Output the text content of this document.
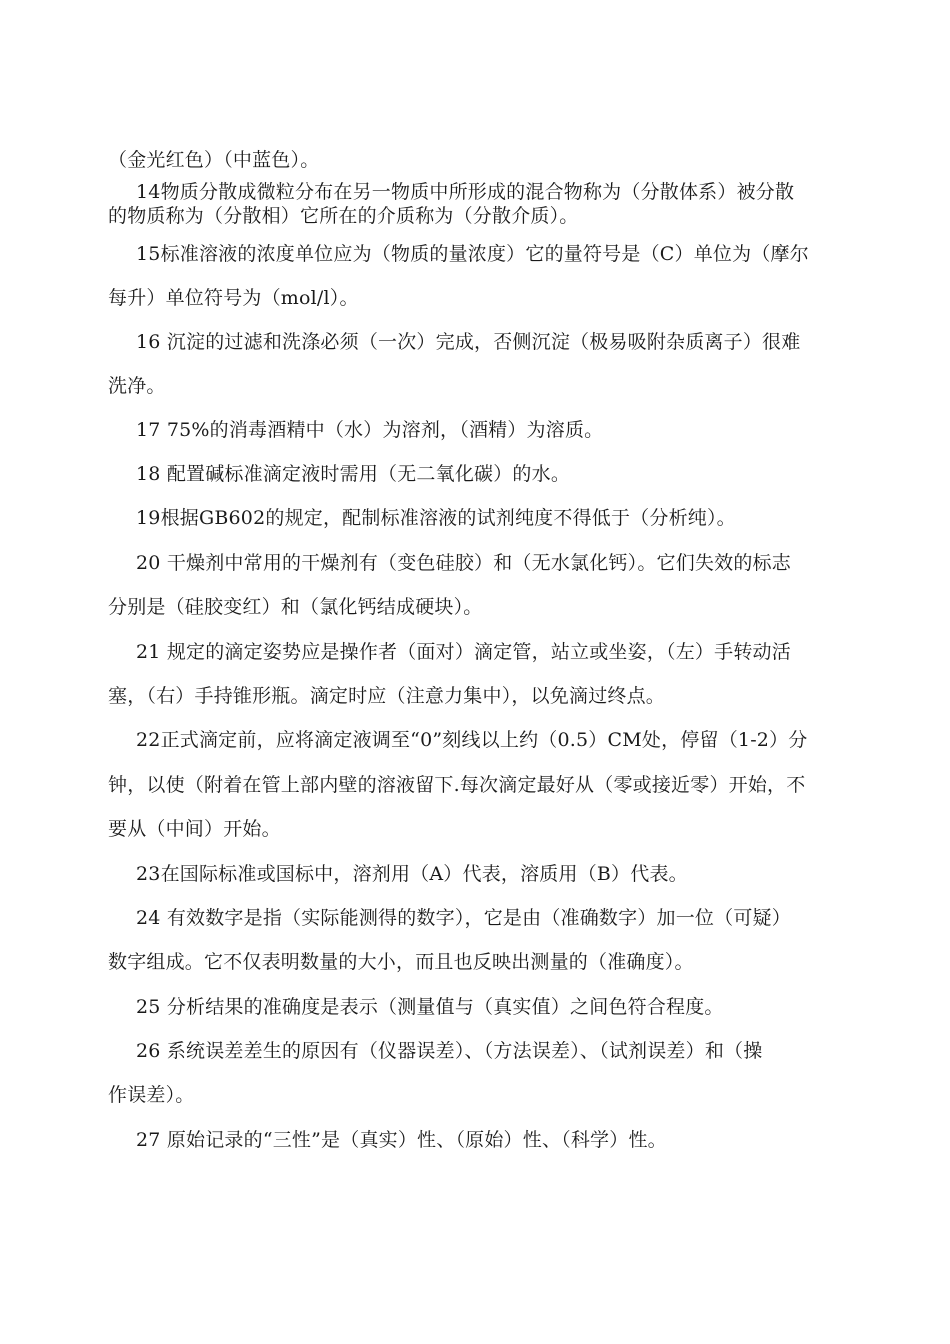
（金光红色）（中蓝色）。
14物质分散成微粒分布在另一物质中所形成的混合物称为（分散体系）被分散
的物质称为（分散相）它所在的介质称为（分散介质）。
15标准溶液的浓度单位应为（物质的量浓度）它的量符号是（C）单位为（摩尔
每升）单位符号为（mol/l）。
16 沉淀的过滤和洗涤必须（一次）完成，否侧沉淀（极易吸附杂质离子）很难
洗净。
17 75%的消毒酒精中（水）为溶剂，（酒精）为溶质。
18 配置碱标准滴定液时需用（无二氧化碳）的水。
19根据GB602的规定，配制标准溶液的试剂纯度不得低于（分析纯）。
20 干燥剂中常用的干燥剂有（变色硅胶）和（无水氯化钙）。它们失效的标志
分别是（硅胶变红）和（氯化钙结成硬块）。
21 规定的滴定姿势应是操作者（面对）滴定管，站立或坐姿，（左）手转动活
塞，（右）手持锥形瓶。滴定时应（注意力集中），以免滴过终点。
22正式滴定前，应将滴定液调至“0”刻线以上约（0.5）CM处，停留（1-2）分
钟，以使（附着在管上部内壁的溶液留下.每次滴定最好从（零或接近零）开始，不
要从（中间）开始。
23在国际标准或国标中，溶剂用（A）代表，溶质用（B）代表。
24 有效数字是指（实际能测得的数字），它是由（准确数字）加一位（可疑）
数字组成。它不仅表明数量的大小，而且也反映出测量的（准确度）。
25 分析结果的准确度是表示（测量值与（真实值）之间色符合程度。
26 系统误差差生的原因有（仪器误差）、（方法误差）、（试剂误差）和（操
作误差）。
27 原始记录的“三性”是（真实）性、（原始）性、（科学）性。
